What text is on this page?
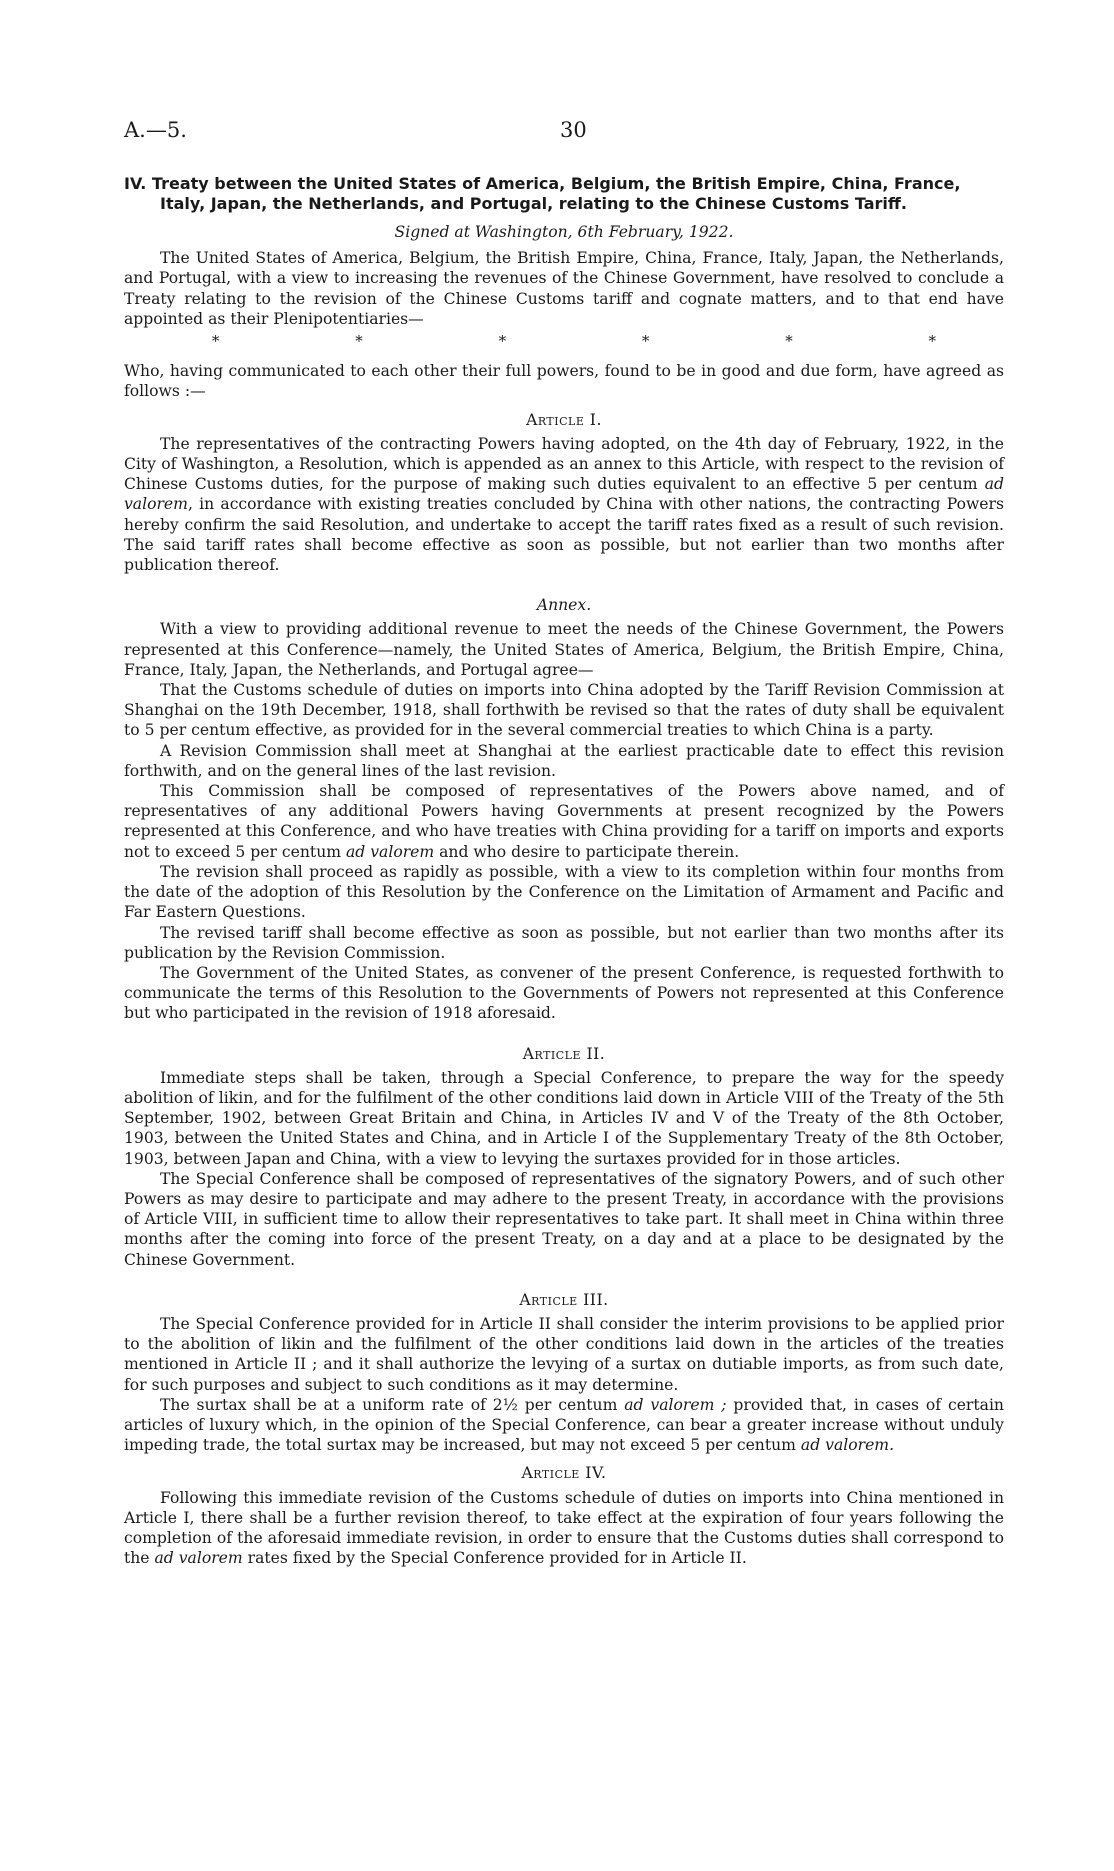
A.—5.	30

IV. Treaty between the United States of America, Belgium, the British Empire, China, France, Italy, Japan, the Netherlands, and Portugal, relating to the Chinese Customs Tariff.

Signed at Washington, 6th February, 1922.

The United States of America, Belgium, the British Empire, China, France, Italy, Japan, the Netherlands, and Portugal, with a view to increasing the revenues of the Chinese Government, have resolved to conclude a Treaty relating to the revision of the Chinese Customs tariff and cognate matters, and to that end have appointed as their Plenipotentiaries—

*	*	*	*	*	*

Who, having communicated to each other their full powers, found to be in good and due form, have agreed as follows :—

Article I.

The representatives of the contracting Powers having adopted, on the 4th day of February, 1922, in the City of Washington, a Resolution, which is appended as an annex to this Article, with respect to the revision of Chinese Customs duties, for the purpose of making such duties equivalent to an effective 5 per centum ad valorem, in accordance with existing treaties concluded by China with other nations, the contracting Powers hereby confirm the said Resolution, and undertake to accept the tariff rates fixed as a result of such revision. The said tariff rates shall become effective as soon as possible, but not earlier than two months after publication thereof.

Annex.

With a view to providing additional revenue to meet the needs of the Chinese Government, the Powers represented at this Conference—namely, the United States of America, Belgium, the British Empire, China, France, Italy, Japan, the Netherlands, and Portugal agree—

That the Customs schedule of duties on imports into China adopted by the Tariff Revision Commission at Shanghai on the 19th December, 1918, shall forthwith be revised so that the rates of duty shall be equivalent to 5 per centum effective, as provided for in the several commercial treaties to which China is a party.

A Revision Commission shall meet at Shanghai at the earliest practicable date to effect this revision forthwith, and on the general lines of the last revision.

This Commission shall be composed of representatives of the Powers above named, and of representatives of any additional Powers having Governments at present recognized by the Powers represented at this Conference, and who have treaties with China providing for a tariff on imports and exports not to exceed 5 per centum ad valorem and who desire to participate therein.

The revision shall proceed as rapidly as possible, with a view to its completion within four months from the date of the adoption of this Resolution by the Conference on the Limitation of Armament and Pacific and Far Eastern Questions.

The revised tariff shall become effective as soon as possible, but not earlier than two months after its publication by the Revision Commission.

The Government of the United States, as convener of the present Conference, is requested forthwith to communicate the terms of this Resolution to the Governments of Powers not represented at this Conference but who participated in the revision of 1918 aforesaid.

Article II.

Immediate steps shall be taken, through a Special Conference, to prepare the way for the speedy abolition of likin, and for the fulfilment of the other conditions laid down in Article VIII of the Treaty of the 5th September, 1902, between Great Britain and China, in Articles IV and V of the Treaty of the 8th October, 1903, between the United States and China, and in Article I of the Supplementary Treaty of the 8th October, 1903, between Japan and China, with a view to levying the surtaxes provided for in those articles.

The Special Conference shall be composed of representatives of the signatory Powers, and of such other Powers as may desire to participate and may adhere to the present Treaty, in accordance with the provisions of Article VIII, in sufficient time to allow their representatives to take part. It shall meet in China within three months after the coming into force of the present Treaty, on a day and at a place to be designated by the Chinese Government.

Article III.

The Special Conference provided for in Article II shall consider the interim provisions to be applied prior to the abolition of likin and the fulfilment of the other conditions laid down in the articles of the treaties mentioned in Article II ; and it shall authorize the levying of a surtax on dutiable imports, as from such date, for such purposes and subject to such conditions as it may determine.

The surtax shall be at a uniform rate of 2½ per centum ad valorem ; provided that, in cases of certain articles of luxury which, in the opinion of the Special Conference, can bear a greater increase without unduly impeding trade, the total surtax may be increased, but may not exceed 5 per centum ad valorem.

Article IV.

Following this immediate revision of the Customs schedule of duties on imports into China mentioned in Article I, there shall be a further revision thereof, to take effect at the expiration of four years following the completion of the aforesaid immediate revision, in order to ensure that the Customs duties shall correspond to the ad valorem rates fixed by the Special Conference provided for in Article II.
